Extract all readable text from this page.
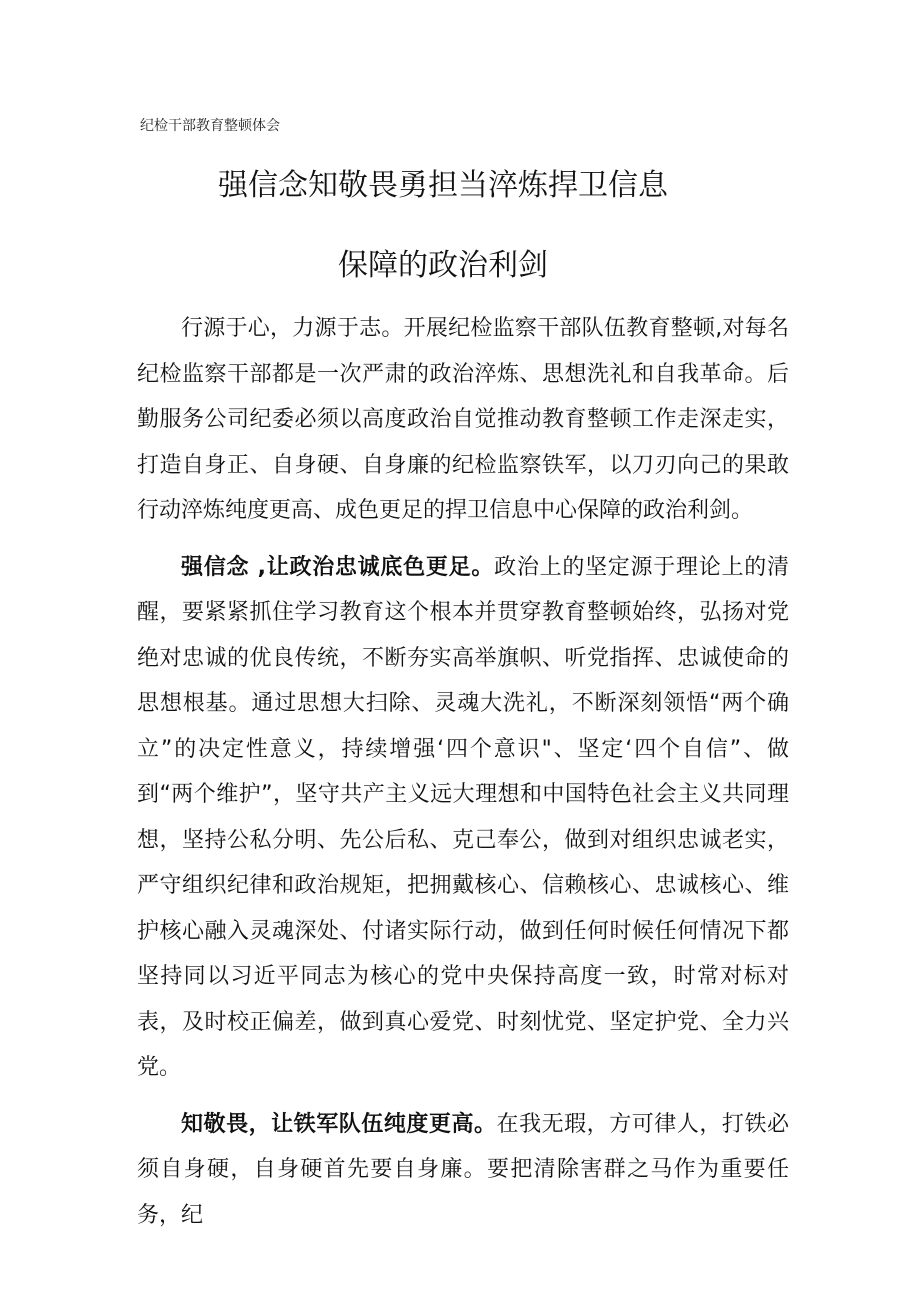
纪检干部教育整顿体会
强信念知敬畏勇担当淬炼捍卫信息
保障的政治利剑

行源于心，力源于志。开展纪检监察干部队伍教育整顿,对每名纪检监察干部都是一次严肃的政治淬炼、思想洗礼和自我革命。后勤服务公司纪委必须以高度政治自觉推动教育整顿工作走深走实，打造自身正、自身硬、自身廉的纪检监察铁军，以刀刃向己的果敢行动淬炼纯度更高、成色更足的捍卫信息中心保障的政治利剑。

强信念 ,让政治忠诚底色更足。政治上的坚定源于理论上的清醒，要紧紧抓住学习教育这个根本并贯穿教育整顿始终，弘扬对党绝对忠诚的优良传统，不断夯实高举旗帜、听党指挥、忠诚使命的思想根基。通过思想大扫除、灵魂大洗礼，不断深刻领悟“两个确立”的决定性意义，持续增强‘四个意识"、坚定‘四个自信”、做到“两个维护”，坚守共产主义远大理想和中国特色社会主义共同理想，坚持公私分明、先公后私、克己奉公，做到对组织忠诚老实，严守组织纪律和政治规矩，把拥戴核心、信赖核心、忠诚核心、维护核心融入灵魂深处、付诸实际行动，做到任何时候任何情况下都坚持同以习近平同志为核心的党中央保持高度一致，时常对标对表，及时校正偏差，做到真心爱党、时刻忧党、坚定护党、全力兴党。

知敬畏，让铁军队伍纯度更高。在我无瑕，方可律人，打铁必须自身硬，自身硬首先要自身廉。要把清除害群之马作为重要任务，纪
